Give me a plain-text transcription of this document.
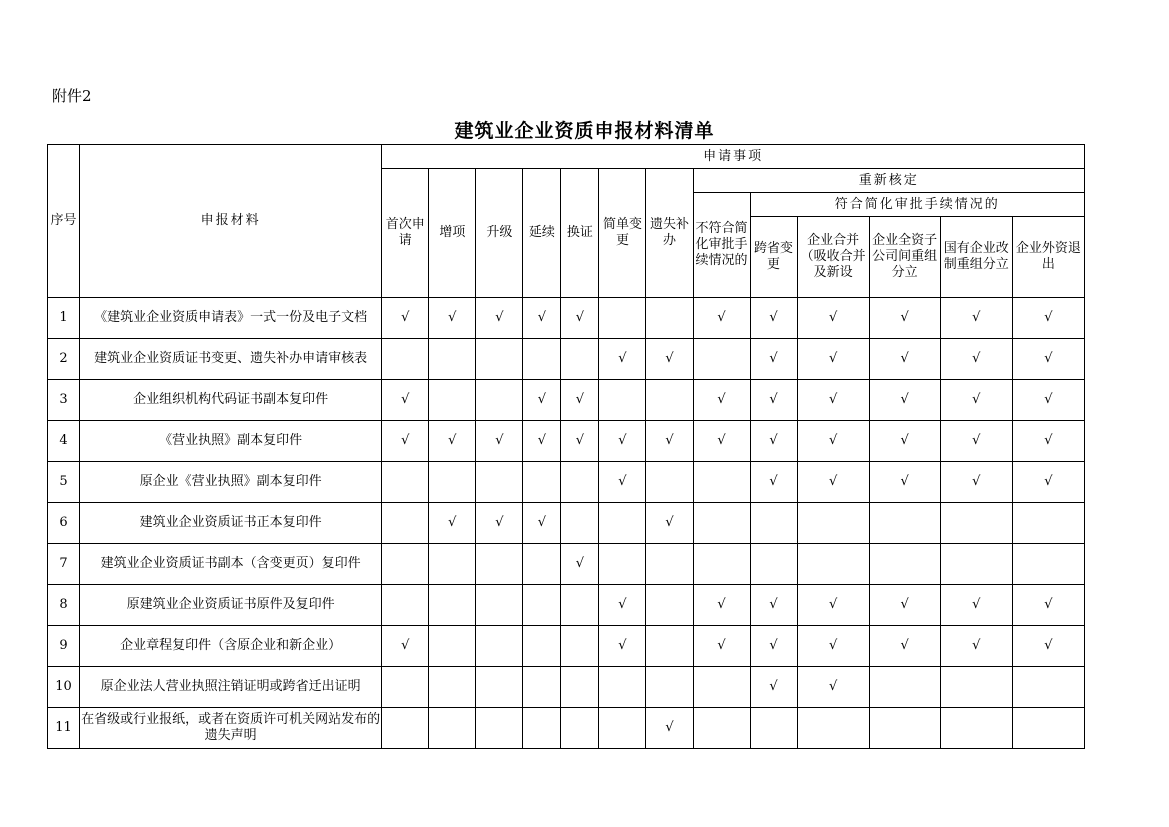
附件2
建筑业企业资质申报材料清单
序号	申报材料	申请事项												
		首次申请	增项	升级	延续	换证	简单变更	遗失补办	重新核定					
									不符合简化审批手续情况的	符合简化审批手续情况的				
										跨省变更	企业合并（吸收合并及新设	企业全资子公司间重组分立	国有企业改制重组分立	企业外资退出
1	《建筑业企业资质申请表》一式一份及电子文档	√	√	√	√	√			√	√	√	√	√	√
2	建筑业企业资质证书变更、遗失补办申请审核表						√	√		√	√	√	√	√
3	企业组织机构代码证书副本复印件	√			√	√			√	√	√	√	√	√
4	《营业执照》副本复印件	√	√	√	√	√	√	√	√	√	√	√	√	√
5	原企业《营业执照》副本复印件						√			√	√	√	√	√
6	建筑业企业资质证书正本复印件		√	√	√			√						
7	建筑业企业资质证书副本（含变更页）复印件					√								
8	原建筑业企业资质证书原件及复印件						√		√	√	√	√	√	√
9	企业章程复印件（含原企业和新企业）	√					√		√	√	√	√	√	√
10	原企业法人营业执照注销证明或跨省迁出证明									√	√			
11	在省级或行业报纸，或者在资质许可机关网站发布的遗失声明							√						
